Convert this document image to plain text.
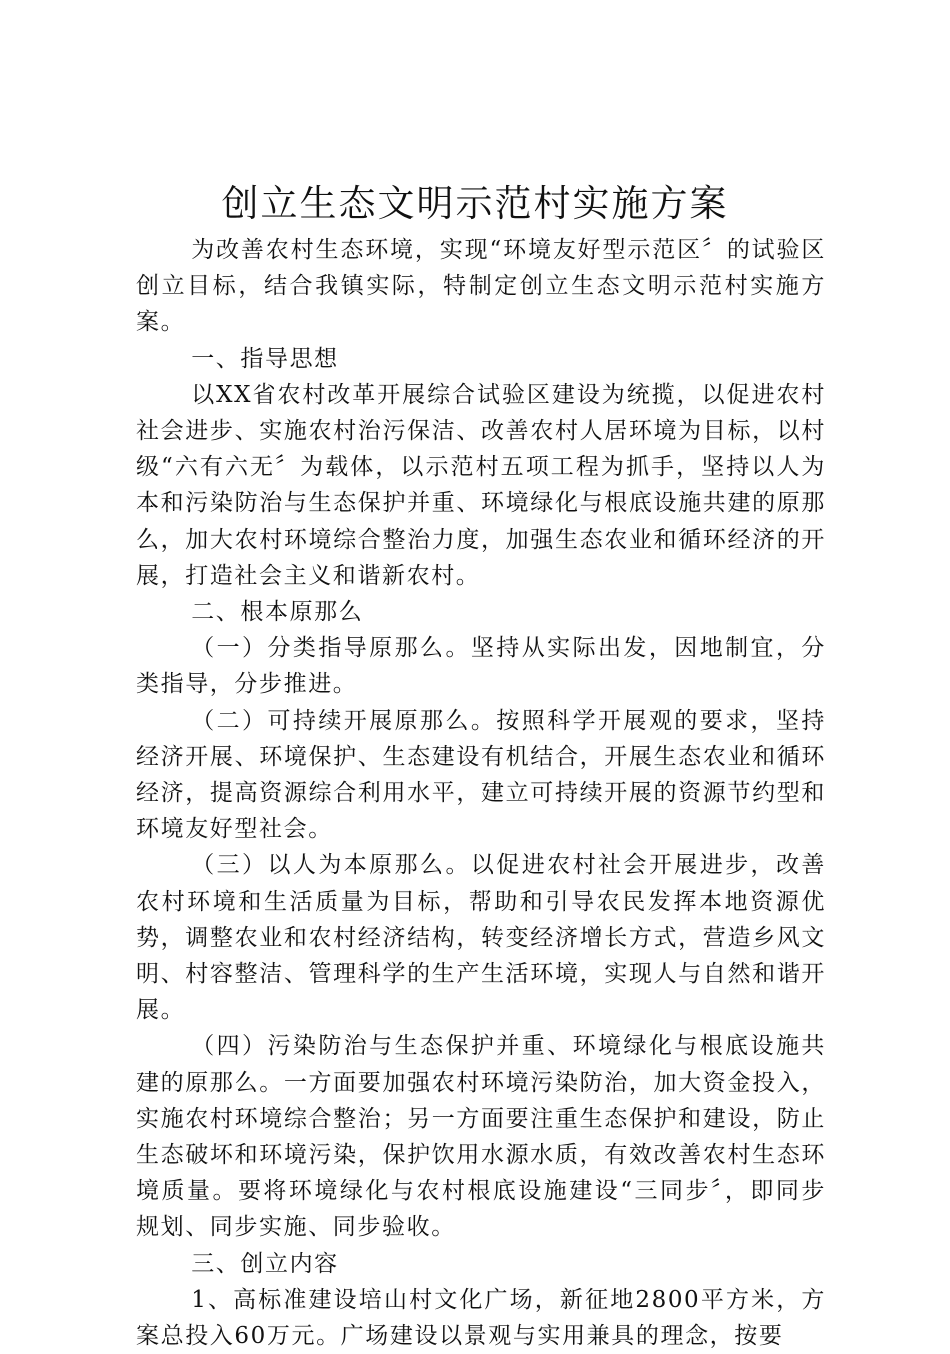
创立生态文明示范村实施方案

为改善农村生态环境，实现“环境友好型示范区〞的试验区创立目标，结合我镇实际，特制定创立生态文明示范村实施方案。

一、指导思想

以XX省农村改革开展综合试验区建设为统揽，以促进农村社会进步、实施农村治污保洁、改善农村人居环境为目标，以村级“六有六无〞为载体，以示范村五项工程为抓手，坚持以人为本和污染防治与生态保护并重、环境绿化与根底设施共建的原那么，加大农村环境综合整治力度，加强生态农业和循环经济的开展，打造社会主义和谐新农村。

二、根本原那么

（一）分类指导原那么。坚持从实际出发，因地制宜，分类指导，分步推进。

（二）可持续开展原那么。按照科学开展观的要求，坚持经济开展、环境保护、生态建设有机结合，开展生态农业和循环经济，提高资源综合利用水平，建立可持续开展的资源节约型和环境友好型社会。

（三）以人为本原那么。以促进农村社会开展进步，改善农村环境和生活质量为目标，帮助和引导农民发挥本地资源优势，调整农业和农村经济结构，转变经济增长方式，营造乡风文明、村容整洁、管理科学的生产生活环境，实现人与自然和谐开展。

（四）污染防治与生态保护并重、环境绿化与根底设施共建的原那么。一方面要加强农村环境污染防治，加大资金投入，实施农村环境综合整治；另一方面要注重生态保护和建设，防止生态破坏和环境污染，保护饮用水源水质，有效改善农村生态环境质量。要将环境绿化与农村根底设施建设“三同步〞，即同步规划、同步实施、同步验收。

三、创立内容

1、高标准建设培山村文化广场，新征地2800平方米，方案总投入60万元。广场建设以景观与实用兼具的理念，按要
